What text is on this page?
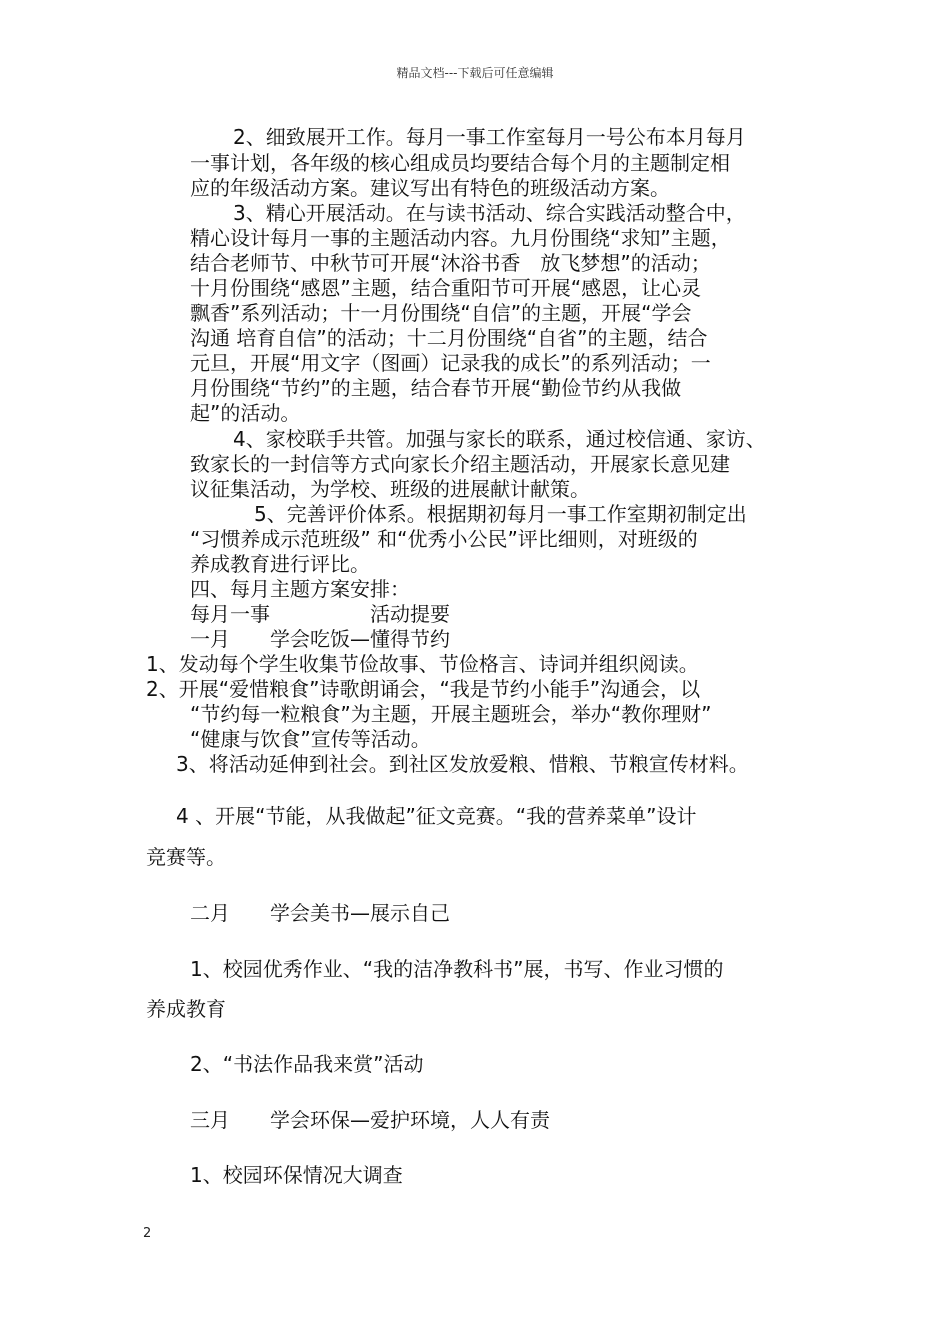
精品文档---下载后可任意编辑
2、细致展开工作。每月一事工作室每月一号公布本月每月
一事计划，各年级的核心组成员均要结合每个月的主题制定相
应的年级活动方案。建议写出有特色的班级活动方案。
3、精心开展活动。在与读书活动、综合实践活动整合中，
精心设计每月一事的主题活动内容。九月份围绕“求知”主题，
结合老师节、中秋节可开展“沐浴书香　放飞梦想”的活动；
十月份围绕“感恩”主题，结合重阳节可开展“感恩，让心灵
飘香”系列活动；十一月份围绕“自信”的主题，开展“学会
沟通 培育自信”的活动；十二月份围绕“自省”的主题，结合
元旦，开展“用文字（图画）记录我的成长”的系列活动；一
月份围绕“节约”的主题，结合春节开展“勤俭节约从我做
起”的活动。
4、家校联手共管。加强与家长的联系，通过校信通、家访、
致家长的一封信等方式向家长介绍主题活动，开展家长意见建
议征集活动，为学校、班级的进展献计献策。
5、完善评价体系。根据期初每月一事工作室期初制定出
“习惯养成示范班级” 和“优秀小公民”评比细则，对班级的
养成教育进行评比。
四、每月主题方案安排：
每月一事　　　　　活动提要
一月　　学会吃饭—懂得节约
1、发动每个学生收集节俭故事、节俭格言、诗词并组织阅读。
2、开展“爱惜粮食”诗歌朗诵会，“我是节约小能手”沟通会，以
“节约每一粒粮食”为主题，开展主题班会，举办“教你理财”
“健康与饮食”宣传等活动。
3、将活动延伸到社会。到社区发放爱粮、惜粮、节粮宣传材料。
4 、开展“节能，从我做起”征文竞赛。“我的营养菜单”设计
竞赛等。
二月　　学会美书—展示自己
1、校园优秀作业、“我的洁净教科书”展，书写、作业习惯的
养成教育
2、“书法作品我来赏”活动
三月　　学会环保—爱护环境，人人有责
1、校园环保情况大调查
2
